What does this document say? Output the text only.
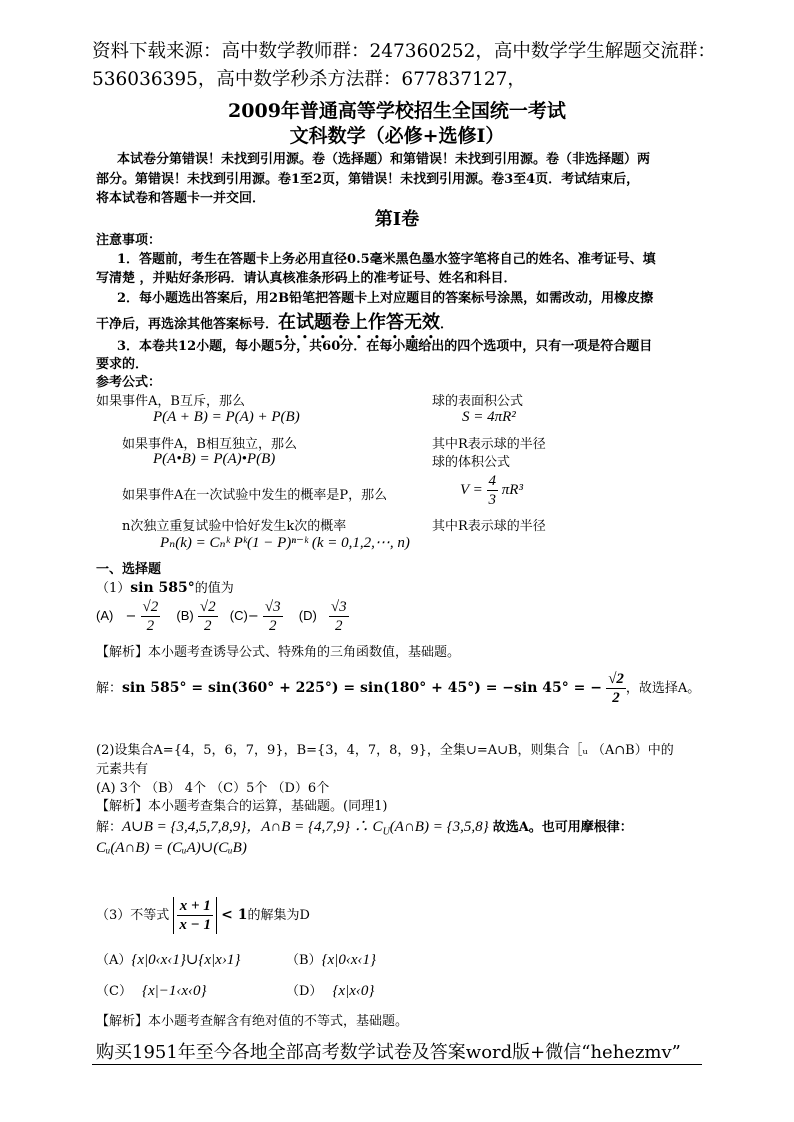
资料下载来源：高中数学教师群：247360252，高中数学学生解题交流群：
536036395，高中数学秒杀方法群：677837127，
2009年普通高等学校招生全国统一考试
文科数学（必修+选修Ⅰ）
本试卷分第错误！未找到引用源。卷（选择题）和第错误！未找到引用源。卷（非选择题）两
部分。第错误！未找到引用源。卷1至2页，第错误！未找到引用源。卷3至4页．考试结束后，
将本试卷和答题卡一并交回．
第Ⅰ卷
注意事项：
1．答题前，考生在答题卡上务必用直径0.5毫米黑色墨水签字笔将自己的姓名、准考证号、填
写清楚 ，并贴好条形码．请认真核准条形码上的准考证号、姓名和科目．
2．每小题选出答案后，用2B铅笔把答题卡上对应题目的答案标号涂黑，如需改动，用橡皮擦
干净后，再选涂其他答案标号．在试题卷上作答无效．
3．本卷共12小题，每小题5分，共60分．在每小题给出的四个选项中，只有一项是符合题目
要求的．
参考公式：
如果事件A，B互斥，那么
P(A + B) = P(A) + P(B)
如果事件A，B相互独立，那么
P(A•B) = P(A)•P(B)
如果事件A在一次试验中发生的概率是P，那么
n次独立重复试验中恰好发生k次的概率
Pₙ(k) = Cₙᵏ Pᵏ(1 − P)ⁿ⁻ᵏ (k = 0,1,2,⋯, n)
球的表面积公式
S = 4πR²
其中R表示球的半径
球的体积公式
$V = \frac{4}{3} \pi R^3$
其中R表示球的半径
一、选择题
（1）sin 585°的值为
$(A) - \frac{√2}{2} (B) \frac{√2}{2} (C)- \frac{√3}{2} (D) \frac{√3}{2}$
【解析】本小题考查诱导公式、特殊角的三角函数值，基础题。
解：sin 585° = sin(360° + 225°) = sin(180° + 45°) = −sin 45° = − $\frac{√2}{2}$ ，故选择A。
(2)设集合A={4，5，6，7，9}，B={3，4，7，8，9}，全集∪=A∪B，则集合［ᵤ （A∩B）中的
元素共有
(A) 3个 （B） 4个 （C）5个 （D）6个
【解析】本小题考查集合的运算，基础题。(同理1)
解：A∪B = {3,4,5,7,8,9}，A∩B = {4,7,9} ∴ $C_U(A\cap B) = \{3,5,8\}$ 故选A。也可用摩根律：
Cᵤ(A∩B) = (CᵤA)∪(CᵤB)
（3）不等式 $\frac{x + 1}{x - 1} < 1$的解集为D
（A）{x|0‹x‹1}∪{x|x›1}	（B）{x|0‹x‹1}
（C） {x|−1‹x‹0}	（D） {x|x‹0}
【解析】本小题考查解含有绝对值的不等式，基础题。
购买1951年至今各地全部高考数学试卷及答案word版+微信“hehezmv”
